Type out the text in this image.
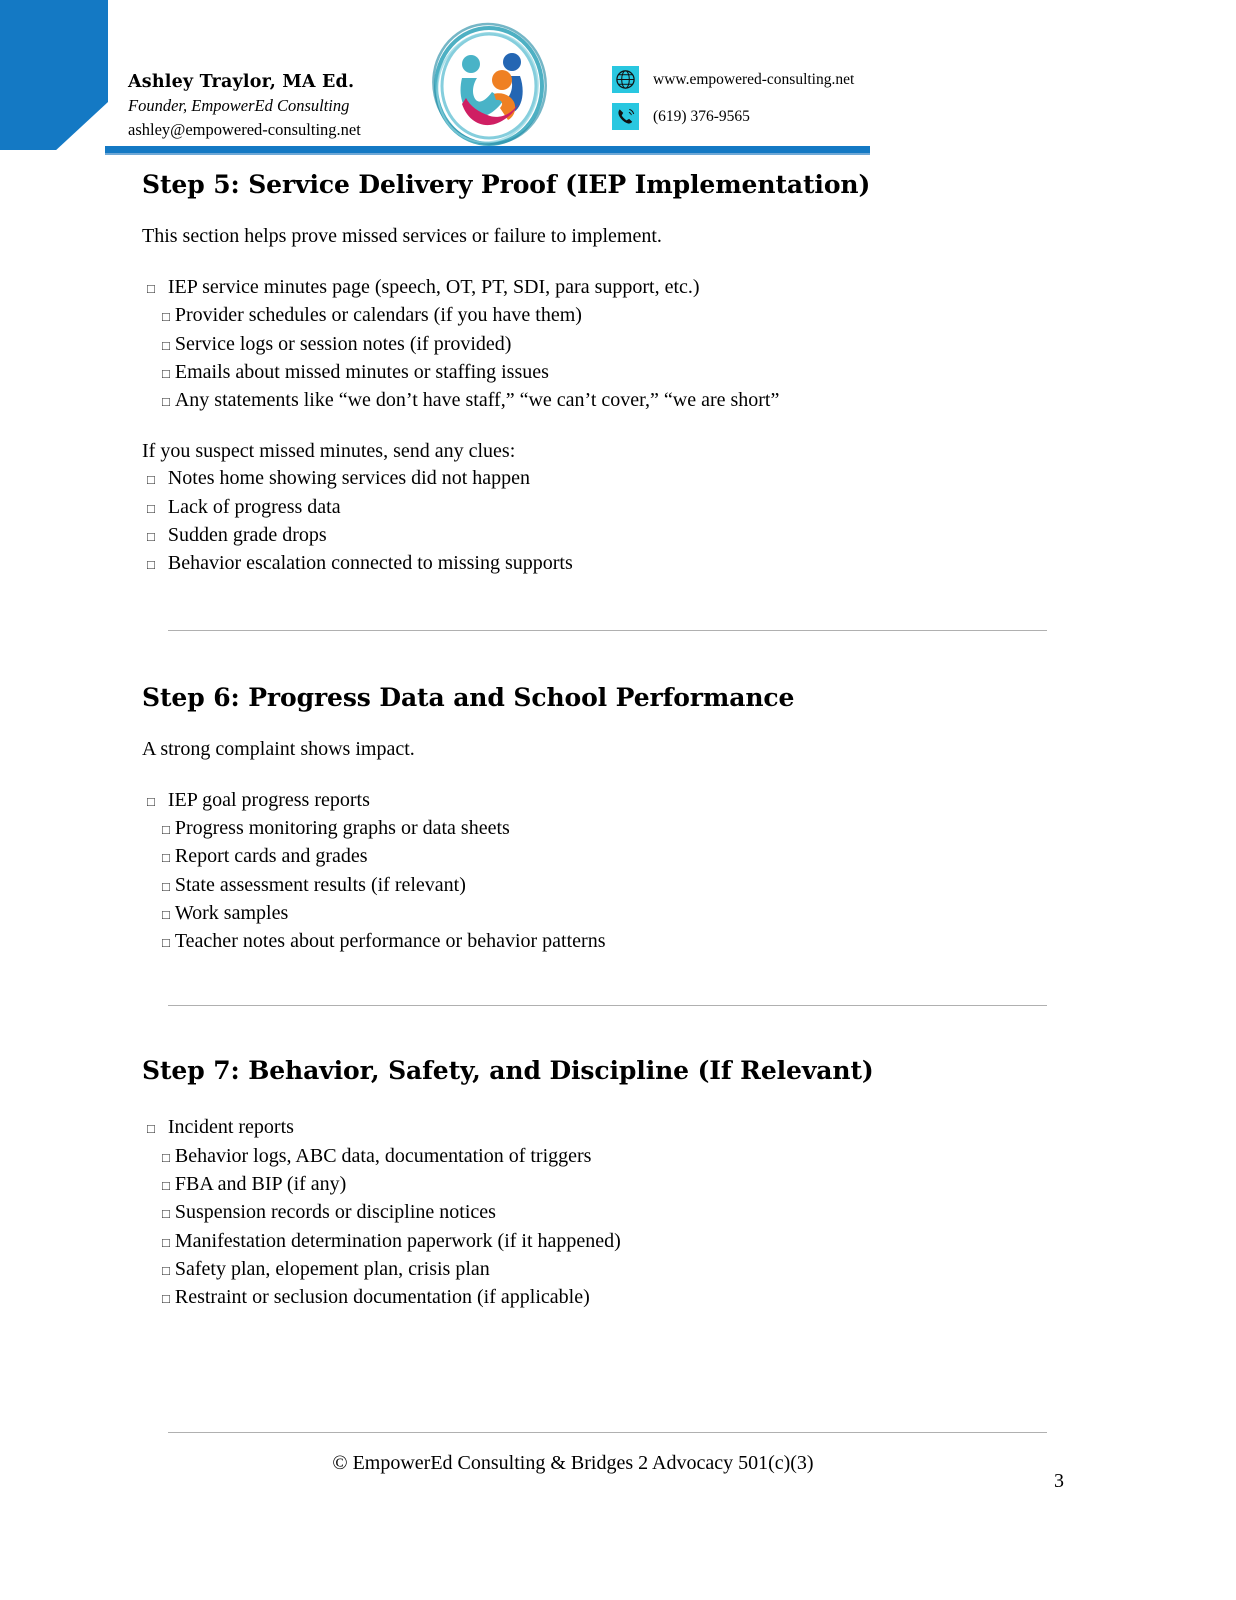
Ashley Traylor, MA Ed.
Founder, EmpowerEd Consulting
ashley@empowered-consulting.net
www.empowered-consulting.net
(619) 376-9565
Step 5: Service Delivery Proof (IEP Implementation)

This section helps prove missed services or failure to implement.

□ IEP service minutes page (speech, OT, PT, SDI, para support, etc.)
□ Provider schedules or calendars (if you have them)
□ Service logs or session notes (if provided)
□ Emails about missed minutes or staffing issues
□ Any statements like “we don’t have staff,” “we can’t cover,” “we are short”

If you suspect missed minutes, send any clues:

□ Notes home showing services did not happen
□ Lack of progress data
□ Sudden grade drops
□ Behavior escalation connected to missing supports
Step 6: Progress Data and School Performance

A strong complaint shows impact.

□ IEP goal progress reports
□ Progress monitoring graphs or data sheets
□ Report cards and grades
□ State assessment results (if relevant)
□ Work samples
□ Teacher notes about performance or behavior patterns
Step 7: Behavior, Safety, and Discipline (If Relevant)
□ Incident reports
□ Behavior logs, ABC data, documentation of triggers
□ FBA and BIP (if any)
□ Suspension records or discipline notices
□ Manifestation determination paperwork (if it happened)
□ Safety plan, elopement plan, crisis plan
□ Restraint or seclusion documentation (if applicable)
© EmpowerEd Consulting & Bridges 2 Advocacy 501(c)(3)
3
